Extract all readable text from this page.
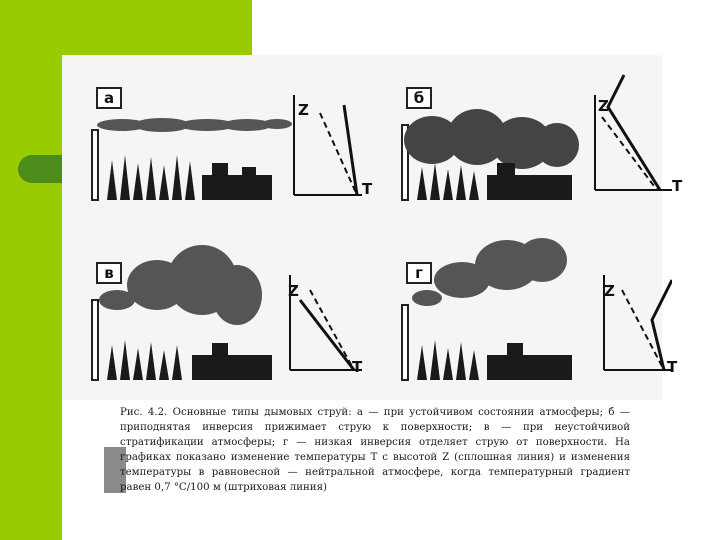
а
Z
T
б	Z
T
в
Z
T
г
Z
T
Рис. 4.2. Основные типы дымовых струй: а — при устойчивом состоянии атмосферы; б — приподнятая инверсия прижимает струю к поверхности; в — при неустойчивой стратификации атмосферы; г — низкая инверсия отделяет струю от поверхности. На графиках показано изменение температуры T с высотой Z (сплошная линия) и изменения температуры в равновесной — нейтральной атмосфере, когда температурный градиент равен 0,7 °С/100 м (штриховая линия)
